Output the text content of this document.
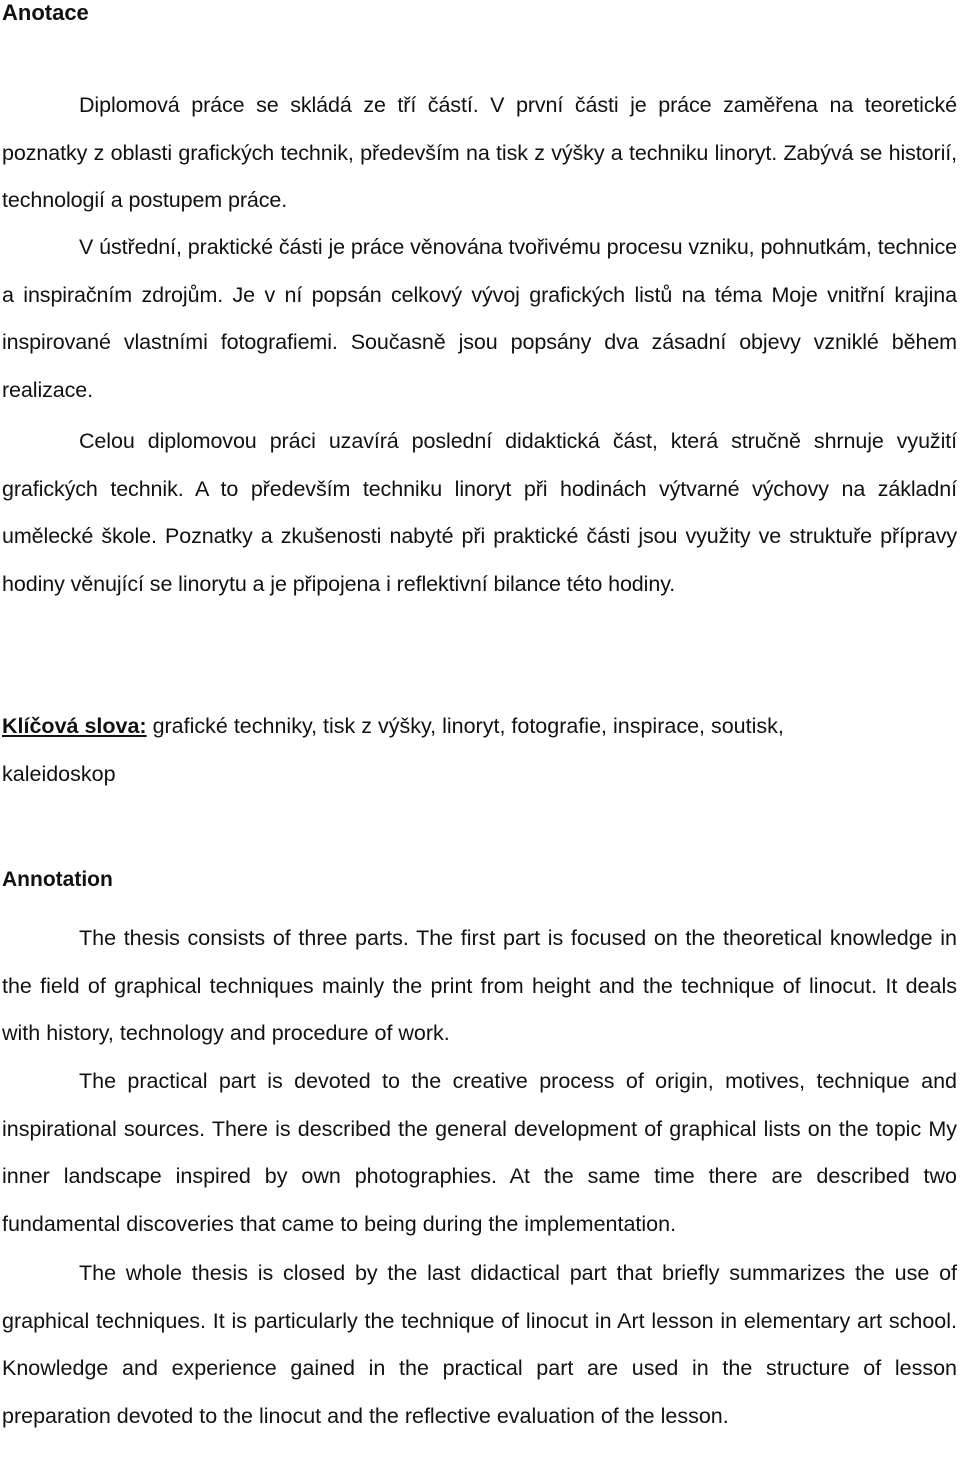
Anotace

Diplomová práce se skládá ze tří částí. V první části je práce zaměřena na teoretické poznatky z oblasti grafických technik, především na tisk z výšky a techniku linoryt. Zabývá se historií, technologií a postupem práce.

V ústřední, praktické části je práce věnována tvořivému procesu vzniku, pohnutkám, technice a inspiračním zdrojům. Je v ní popsán celkový vývoj grafických listů na téma Moje vnitřní krajina inspirované vlastními fotografiemi. Současně jsou popsány dva zásadní objevy vzniklé během realizace.

Celou diplomovou práci uzavírá poslední didaktická část, která stručně shrnuje využití grafických technik. A to především techniku linoryt při hodinách výtvarné výchovy na základní umělecké škole. Poznatky a zkušenosti nabyté při praktické části jsou využity ve struktuře přípravy hodiny věnující se linorytu a je připojena i reflektivní bilance této hodiny.

Klíčová slova: grafické techniky, tisk z výšky, linoryt, fotografie, inspirace, soutisk, kaleidoskop

Annotation

The thesis consists of three parts. The first part is focused on the theoretical knowledge in the field of graphical techniques mainly the print from height and the technique of linocut. It deals with history, technology and procedure of work.

The practical part is devoted to the creative process of origin, motives, technique and inspirational sources. There is described the general development of graphical lists on the topic My inner landscape inspired by own photographies. At the same time there are described two fundamental discoveries that came to being during the implementation.

The whole thesis is closed by the last didactical part that briefly summarizes the use of graphical techniques. It is particularly the technique of linocut in Art lesson in elementary art school. Knowledge and experience gained in the practical part are used in the structure of lesson preparation devoted to the linocut and the reflective evaluation of the lesson.
